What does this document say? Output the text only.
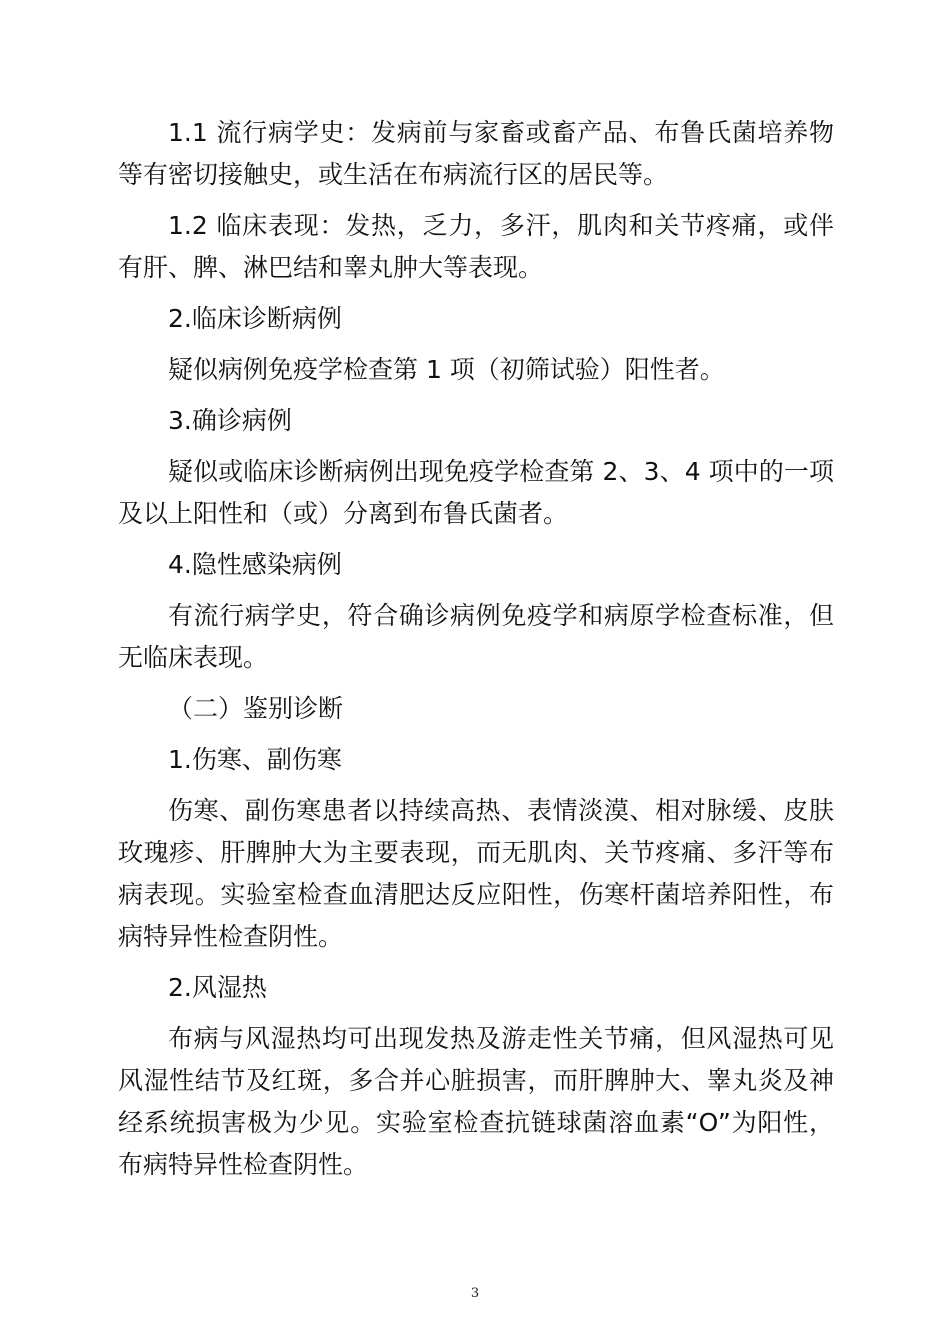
1.1 流行病学史：发病前与家畜或畜产品、布鲁氏菌培养物等有密切接触史，或生活在布病流行区的居民等。

1.2 临床表现：发热，乏力，多汗，肌肉和关节疼痛，或伴有肝、脾、淋巴结和睾丸肿大等表现。

2.临床诊断病例

疑似病例免疫学检查第 1 项（初筛试验）阳性者。

3.确诊病例

疑似或临床诊断病例出现免疫学检查第 2、3、4 项中的一项及以上阳性和（或）分离到布鲁氏菌者。

4.隐性感染病例

有流行病学史，符合确诊病例免疫学和病原学检查标准，但无临床表现。

（二）鉴别诊断

1.伤寒、副伤寒

伤寒、副伤寒患者以持续高热、表情淡漠、相对脉缓、皮肤玫瑰疹、肝脾肿大为主要表现，而无肌肉、关节疼痛、多汗等布病表现。实验室检查血清肥达反应阳性，伤寒杆菌培养阳性，布病特异性检查阴性。

2.风湿热

布病与风湿热均可出现发热及游走性关节痛，但风湿热可见风湿性结节及红斑，多合并心脏损害，而肝脾肿大、睾丸炎及神经系统损害极为少见。实验室检查抗链球菌溶血素“O”为阳性，布病特异性检查阴性。

3
